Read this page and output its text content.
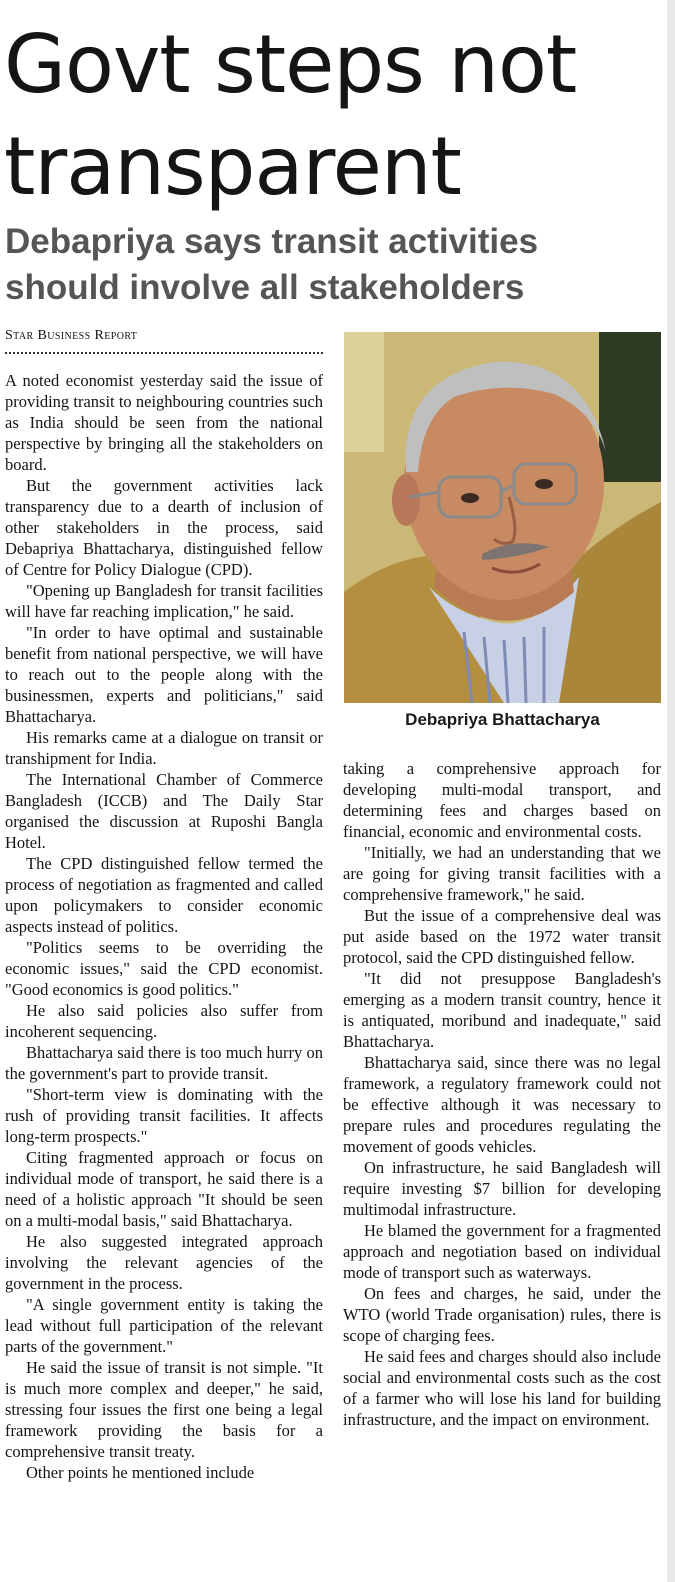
Govt steps not transparent
Debapriya says transit activities should involve all stakeholders
Star Business Report
Debapriya Bhattacharya

A noted economist yesterday said the issue of providing transit to neighbouring countries such as India should be seen from the national perspective by bringing all the stakeholders on board.

But the government activities lack transparency due to a dearth of inclusion of other stakeholders in the process, said Debapriya Bhattacharya, distinguished fellow of Centre for Policy Dialogue (CPD).

"Opening up Bangladesh for transit facilities will have far reaching implication," he said.

"In order to have optimal and sustainable benefit from national perspective, we will have to reach out to the people along with the businessmen, experts and politicians," said Bhattacharya.

His remarks came at a dialogue on transit or transhipment for India.

The International Chamber of Commerce Bangladesh (ICCB) and The Daily Star organised the discussion at Ruposhi Bangla Hotel.

The CPD distinguished fellow termed the process of negotiation as fragmented and called upon policymakers to consider economic aspects instead of politics.

"Politics seems to be overriding the economic issues," said the CPD economist. "Good economics is good politics."

He also said policies also suffer from incoherent sequencing.

Bhattacharya said there is too much hurry on the government's part to provide transit.

"Short-term view is dominating with the rush of providing transit facilities. It affects long-term prospects."

Citing fragmented approach or focus on individual mode of transport, he said there is a need of a holistic approach "It should be seen on a multi-modal basis," said Bhattacharya.

He also suggested integrated approach involving the relevant agencies of the government in the process.

"A single government entity is taking the lead without full participation of the relevant parts of the government."

He said the issue of transit is not simple. "It is much more complex and deeper," he said, stressing four issues the first one being a legal framework providing the basis for a comprehensive transit treaty.

Other points he mentioned include

taking a comprehensive approach for developing multi-modal transport, and determining fees and charges based on financial, economic and environmental costs.

"Initially, we had an understanding that we are going for giving transit facilities with a comprehensive framework," he said.

But the issue of a comprehensive deal was put aside based on the 1972 water transit protocol, said the CPD distinguished fellow.

"It did not presuppose Bangladesh's emerging as a modern transit country, hence it is antiquated, moribund and inadequate," said Bhattacharya.

Bhattacharya said, since there was no legal framework, a regulatory framework could not be effective although it was necessary to prepare rules and procedures regulating the movement of goods vehicles.

On infrastructure, he said Bangladesh will require investing $7 billion for developing multimodal infrastructure.

He blamed the government for a fragmented approach and negotiation based on individual mode of transport such as waterways.

On fees and charges, he said, under the WTO (world Trade organisation) rules, there is scope of charging fees.

He said fees and charges should also include social and environmental costs such as the cost of a farmer who will lose his land for building infrastructure, and the impact on environment.
